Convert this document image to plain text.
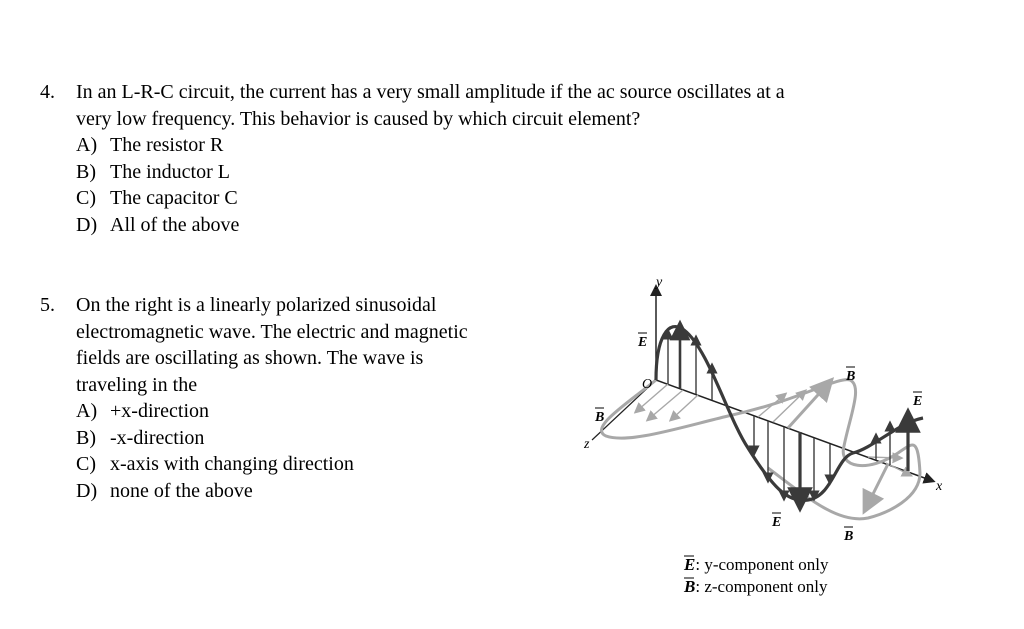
4.	In an L-R-C circuit, the current has a very small amplitude if the ac source oscillates at a
very low frequency. This behavior is caused by which circuit element?
A) The resistor R
B) The inductor L
C) The capacitor C
D) All of the above
5.	On the right is a linearly polarized sinusoidal
electromagnetic wave. The electric and magnetic
fields are oscillating as shown. The wave is
traveling in the
A) +x-direction
B) -x-direction
C) x-axis with changing direction
D) none of the above
y
O
z
x
E
B
B
E
E
B
E: y-component only
B: z-component only
